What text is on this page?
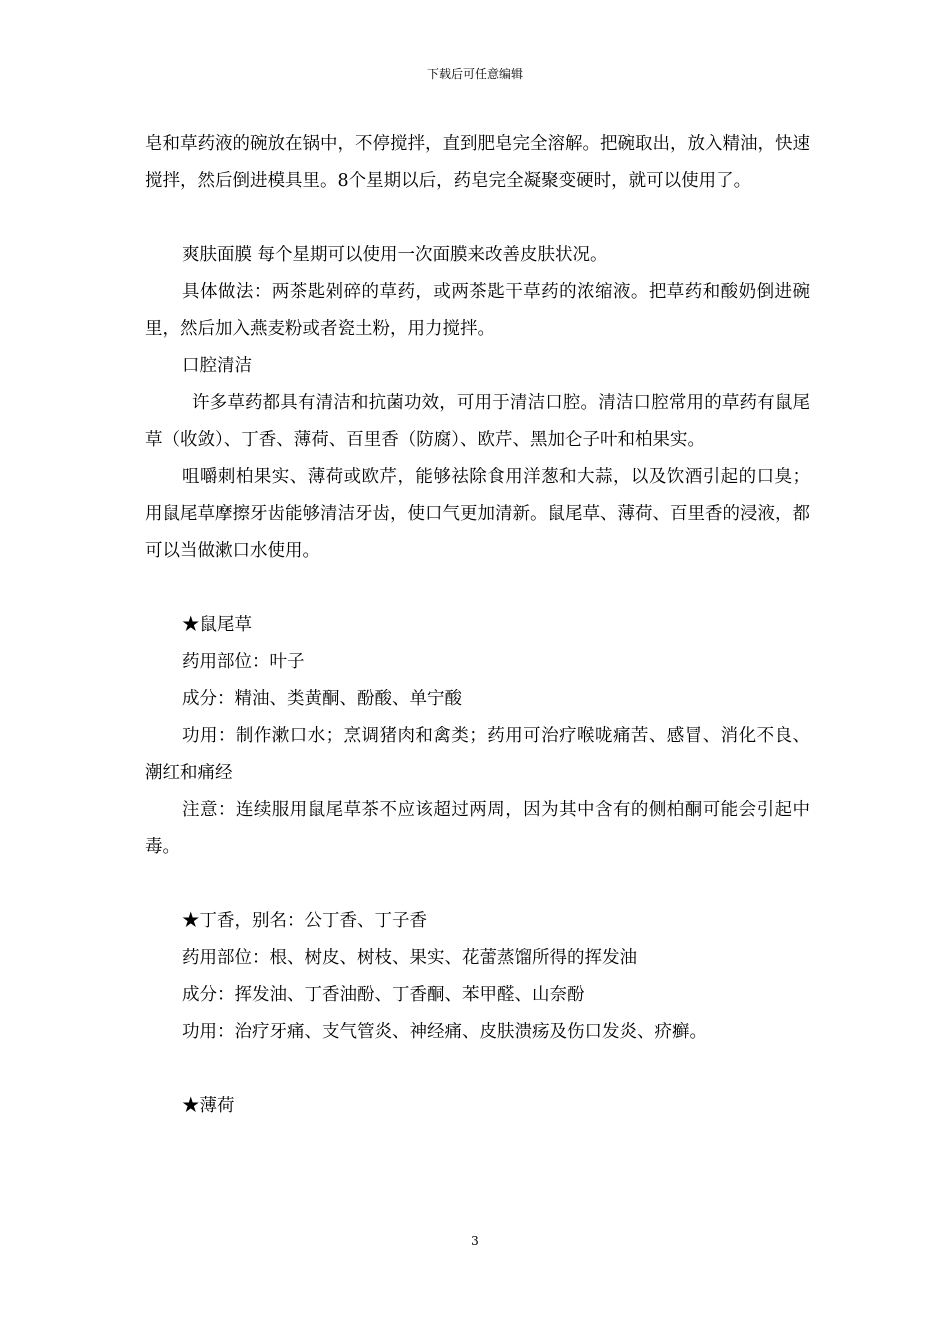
下载后可任意编辑

皂和草药液的碗放在锅中，不停搅拌，直到肥皂完全溶解。把碗取出，放入精油，快速搅拌，然后倒进模具里。8个星期以后，药皂完全凝聚变硬时，就可以使用了。

爽肤面膜 每个星期可以使用一次面膜来改善皮肤状况。

具体做法：两茶匙剁碎的草药，或两茶匙干草药的浓缩液。把草药和酸奶倒进碗里，然后加入燕麦粉或者瓷土粉，用力搅拌。

口腔清洁

许多草药都具有清洁和抗菌功效，可用于清洁口腔。清洁口腔常用的草药有鼠尾草（收敛）、丁香、薄荷、百里香（防腐）、欧芹、黑加仑子叶和柏果实。

咀嚼刺柏果实、薄荷或欧芹，能够祛除食用洋葱和大蒜，以及饮酒引起的口臭；用鼠尾草摩擦牙齿能够清洁牙齿，使口气更加清新。鼠尾草、薄荷、百里香的浸液，都可以当做漱口水使用。

★鼠尾草

药用部位：叶子

成分：精油、类黄酮、酚酸、单宁酸

功用：制作漱口水；烹调猪肉和禽类；药用可治疗喉咙痛苦、感冒、消化不良、潮红和痛经

注意：连续服用鼠尾草茶不应该超过两周，因为其中含有的侧柏酮可能会引起中毒。

★丁香，别名：公丁香、丁子香

药用部位：根、树皮、树枝、果实、花蕾蒸馏所得的挥发油

成分：挥发油、丁香油酚、丁香酮、苯甲醛、山奈酚

功用：治疗牙痛、支气管炎、神经痛、皮肤溃疡及伤口发炎、疥癣。

★薄荷

3
